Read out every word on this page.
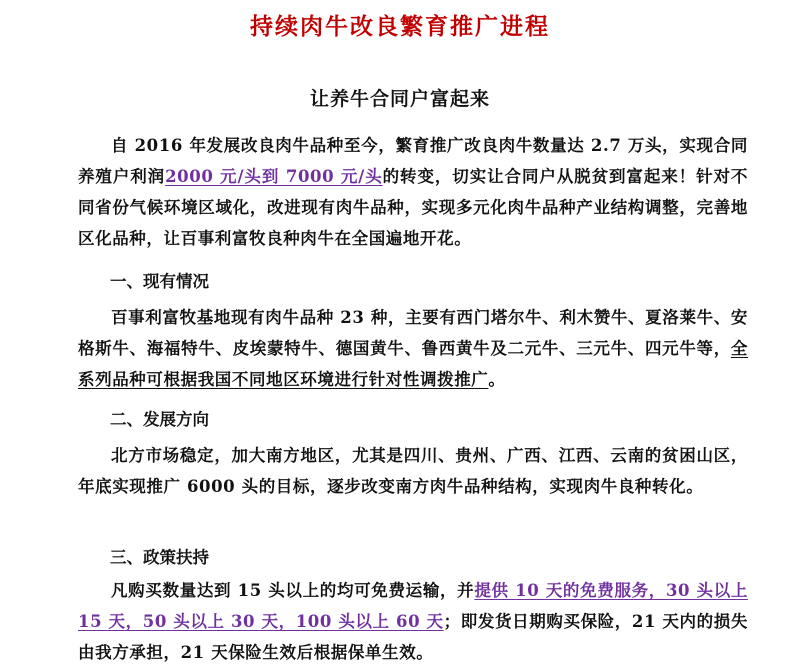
持续肉牛改良繁育推广进程
让养牛合同户富起来

自 2016 年发展改良肉牛品种至今，繁育推广改良肉牛数量达 2.7 万头，实现合同养殖户利润2000 元/头到 7000 元/头的转变，切实让合同户从脱贫到富起来！针对不同省份气候环境区域化，改进现有肉牛品种，实现多元化肉牛品种产业结构调整，完善地区化品种，让百事利富牧良种肉牛在全国遍地开花。

一、现有情况

百事利富牧基地现有肉牛品种 23 种，主要有西门塔尔牛、利木赞牛、夏洛莱牛、安格斯牛、海福特牛、皮埃蒙特牛、德国黄牛、鲁西黄牛及二元牛、三元牛、四元牛等，全系列品种可根据我国不同地区环境进行针对性调拨推广。

二、发展方向

北方市场稳定，加大南方地区，尤其是四川、贵州、广西、江西、云南的贫困山区，年底实现推广 6000 头的目标，逐步改变南方肉牛品种结构，实现肉牛良种转化。

三、政策扶持

凡购买数量达到 15 头以上的均可免费运输，并提供 10 天的免费服务，30 头以上 15 天，50 头以上 30 天，100 头以上 60 天；即发货日期购买保险，21 天内的损失由我方承担，21 天保险生效后根据保单生效。
